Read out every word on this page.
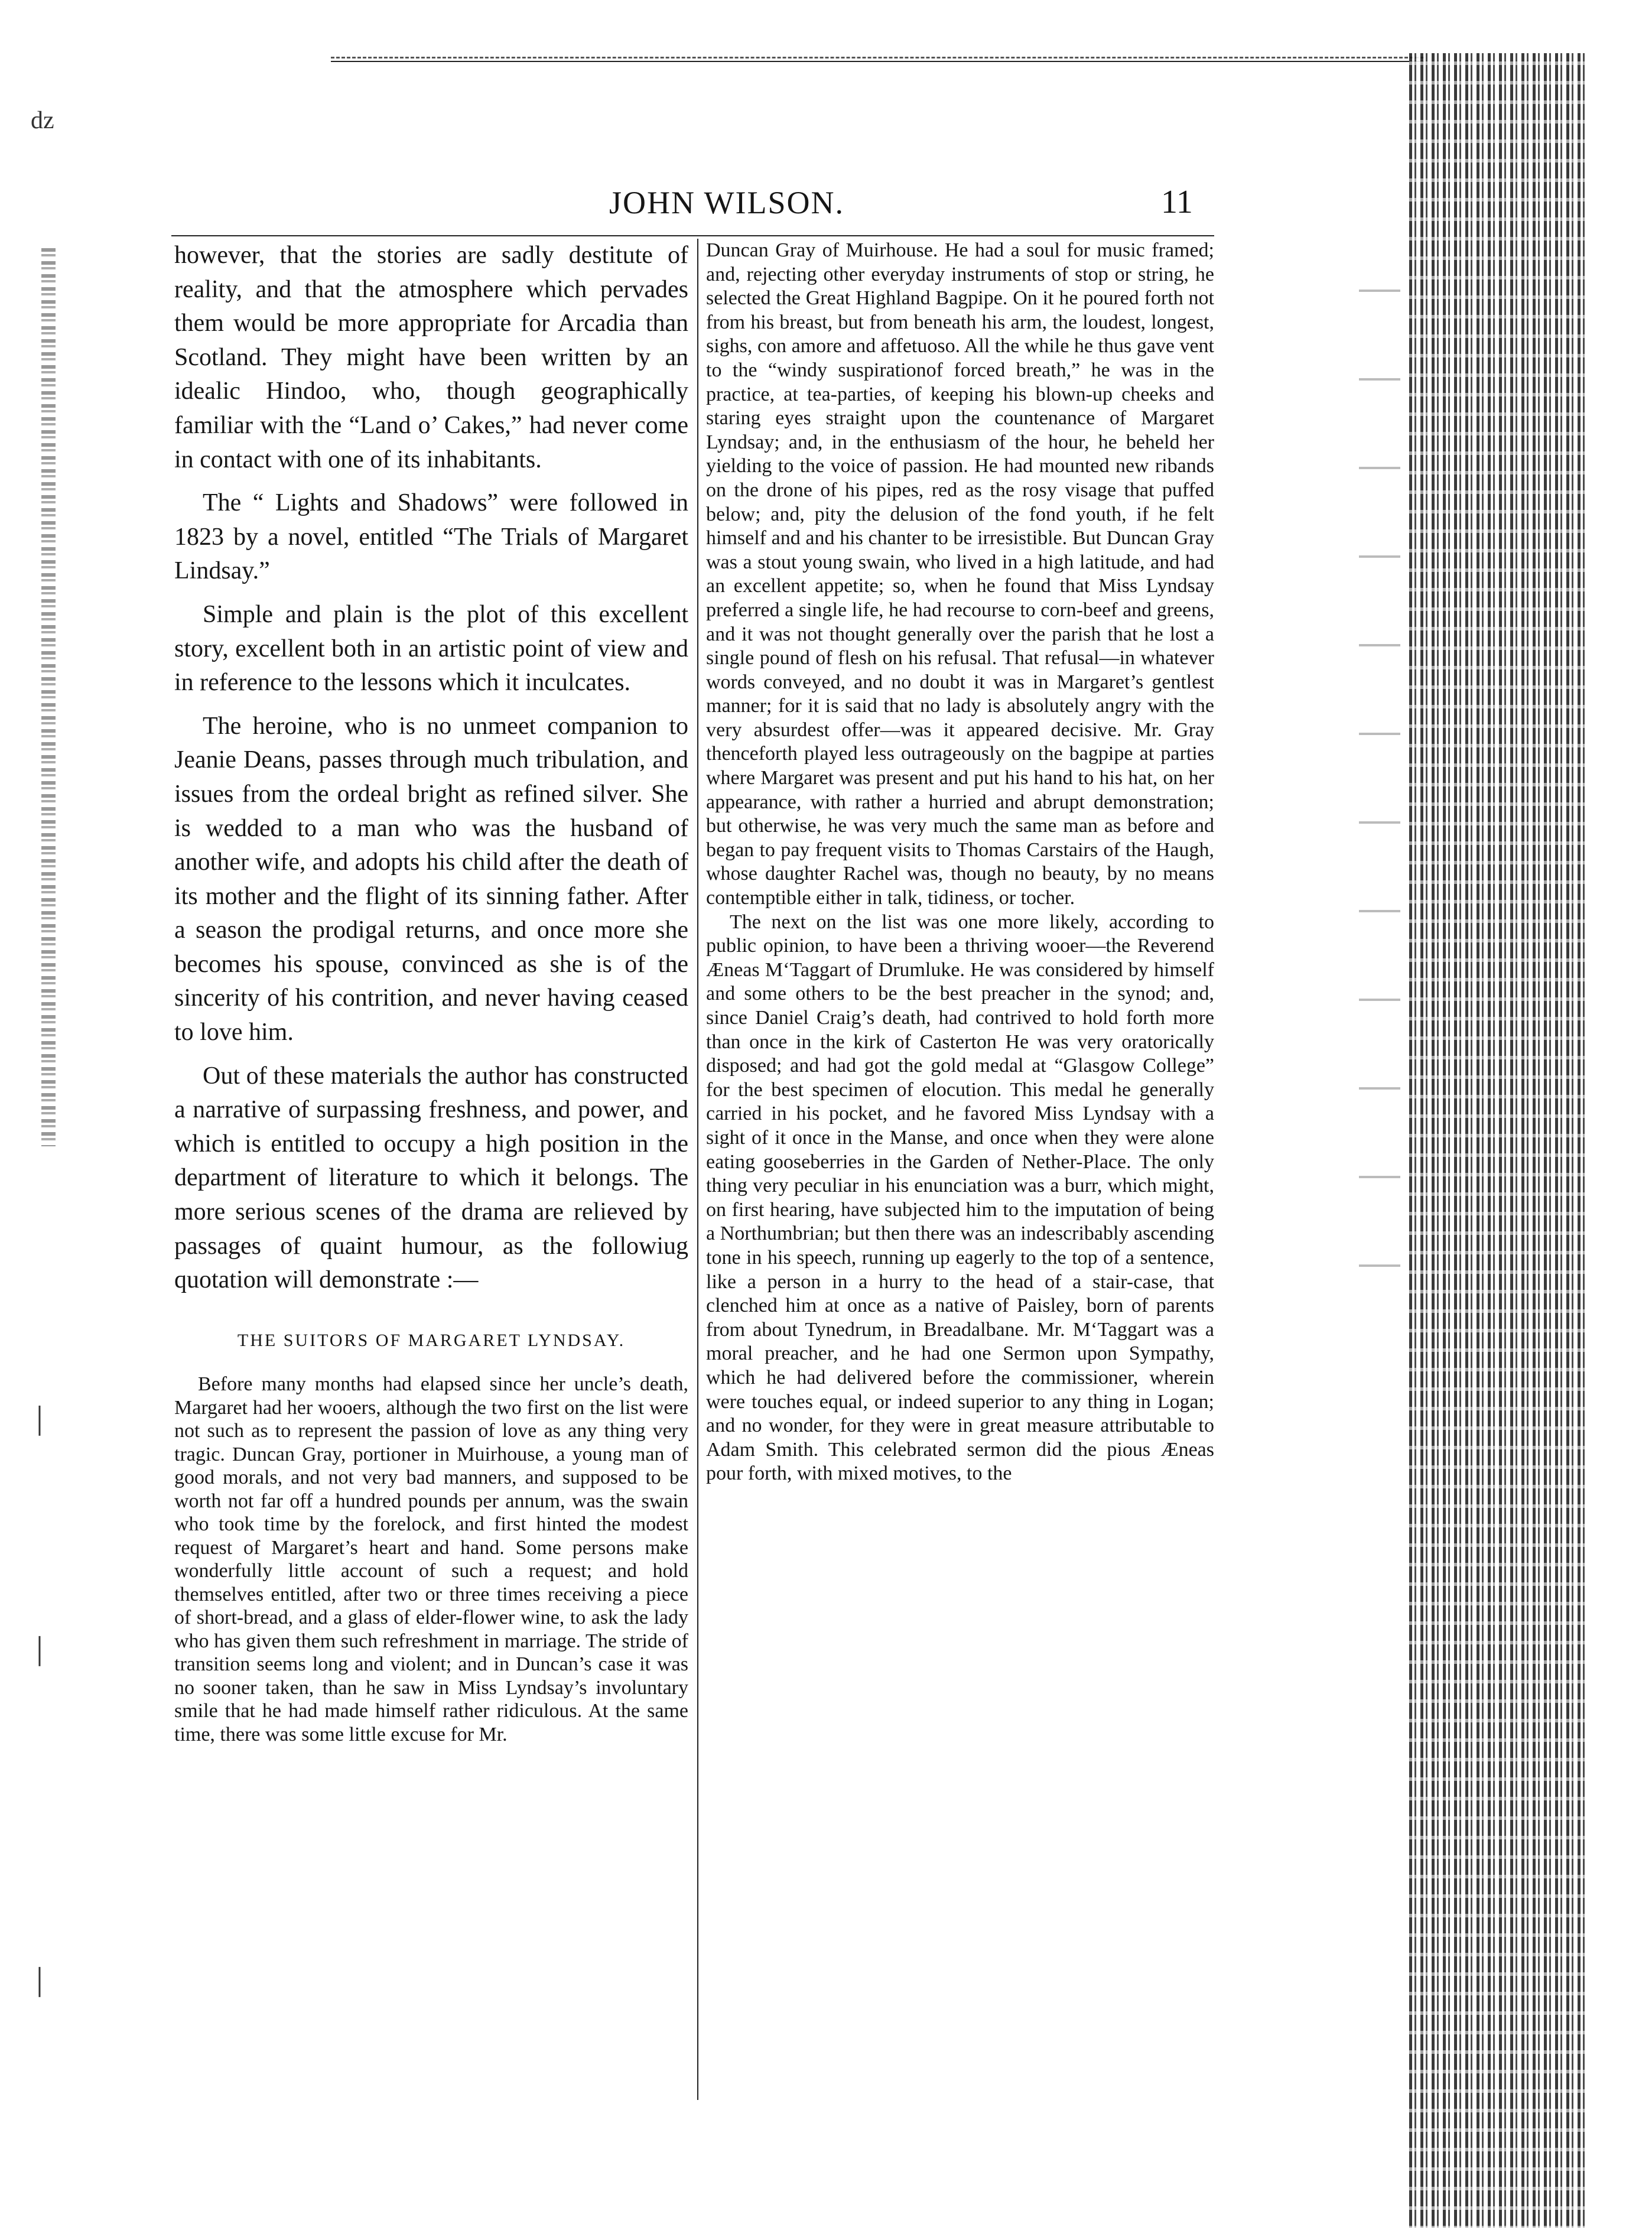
JOHN WILSON.	11
ǳ
│
│
│

however, that the stories are sadly destitute of reality, and that the atmosphere which pervades them would be more appropriate for Arcadia than Scotland. They might have been written by an idealic Hindoo, who, though geographically familiar with the “Land o’ Cakes,” had never come in contact with one of its inhabitants.

The “ Lights and Shadows” were followed in 1823 by a novel, entitled “The Trials of Margaret Lindsay.”

Simple and plain is the plot of this excellent story, excellent both in an artistic point of view and in reference to the lessons which it inculcates.

The heroine, who is no unmeet companion to Jeanie Deans, passes through much tribulation, and issues from the ordeal bright as refined silver. She is wedded to a man who was the husband of another wife, and adopts his child after the death of its mother and the flight of its sinning father. After a season the prodigal returns, and once more she becomes his spouse, convinced as she is of the sincerity of his contrition, and never having ceased to love him.

Out of these materials the author has constructed a narrative of surpassing freshness, and power, and which is entitled to occupy a high position in the department of literature to which it belongs. The more serious scenes of the drama are relieved by passages of quaint humour, as the followiug quotation will demonstrate :—

THE SUITORS OF MARGARET LYNDSAY.

Before many months had elapsed since her uncle’s death, Margaret had her wooers, although the two first on the list were not such as to represent the passion of love as any thing very tragic. Duncan Gray, portioner in Muirhouse, a young man of good morals, and not very bad manners, and supposed to be worth not far off a hundred pounds per annum, was the swain who took time by the forelock, and first hinted the modest request of Margaret’s heart and hand. Some persons make wonderfully little account of such a request; and hold themselves entitled, after two or three times receiving a piece of short-bread, and a glass of elder-flower wine, to ask the lady who has given them such refreshment in marriage. The stride of transition seems long and violent; and in Duncan’s case it was no sooner taken, than he saw in Miss Lyndsay’s involuntary smile that he had made himself rather ridiculous. At the same time, there was some little excuse for Mr.

Duncan Gray of Muirhouse. He had a soul for music framed; and, rejecting other everyday instruments of stop or string, he selected the Great Highland Bagpipe. On it he poured forth not from his breast, but from beneath his arm, the loudest, longest, sighs, con amore and affetuoso. All the while he thus gave vent to the “windy suspirationof forced breath,” he was in the practice, at tea-parties, of keeping his blown-up cheeks and staring eyes straight upon the countenance of Margaret Lyndsay; and, in the enthusiasm of the hour, he beheld her yielding to the voice of passion. He had mounted new ribands on the drone of his pipes, red as the rosy visage that puffed below; and, pity the delusion of the fond youth, if he felt himself and and his chanter to be irresistible. But Duncan Gray was a stout young swain, who lived in a high latitude, and had an excellent appetite; so, when he found that Miss Lyndsay preferred a single life, he had recourse to corn-beef and greens, and it was not thought generally over the parish that he lost a single pound of flesh on his refusal. That refusal—in whatever words conveyed, and no doubt it was in Margaret’s gentlest manner; for it is said that no lady is absolutely angry with the very absurdest offer—was it appeared decisive. Mr. Gray thenceforth played less outrageously on the bagpipe at parties where Margaret was present and put his hand to his hat, on her appearance, with rather a hurried and abrupt demonstration; but otherwise, he was very much the same man as before and began to pay frequent visits to Thomas Carstairs of the Haugh, whose daughter Rachel was, though no beauty, by no means contemptible either in talk, tidiness, or tocher.

The next on the list was one more likely, according to public opinion, to have been a thriving wooer—the Reverend Æneas M‘Taggart of Drumluke. He was considered by himself and some others to be the best preacher in the synod; and, since Daniel Craig’s death, had contrived to hold forth more than once in the kirk of Casterton He was very oratorically disposed; and had got the gold medal at “Glasgow College” for the best specimen of elocution. This medal he generally carried in his pocket, and he favored Miss Lyndsay with a sight of it once in the Manse, and once when they were alone eating gooseberries in the Garden of Nether-Place. The only thing very peculiar in his enunciation was a burr, which might, on first hearing, have subjected him to the imputation of being a Northumbrian; but then there was an indescribably ascending tone in his speech, running up eagerly to the top of a sentence, like a person in a hurry to the head of a stair-case, that clenched him at once as a native of Paisley, born of parents from about Tynedrum, in Breadalbane. Mr. M‘Taggart was a moral preacher, and he had one Sermon upon Sympathy, which he had delivered before the commissioner, wherein were touches equal, or indeed superior to any thing in Logan; and no wonder, for they were in great measure attributable to Adam Smith. This celebrated sermon did the pious Æneas pour forth, with mixed motives, to the
